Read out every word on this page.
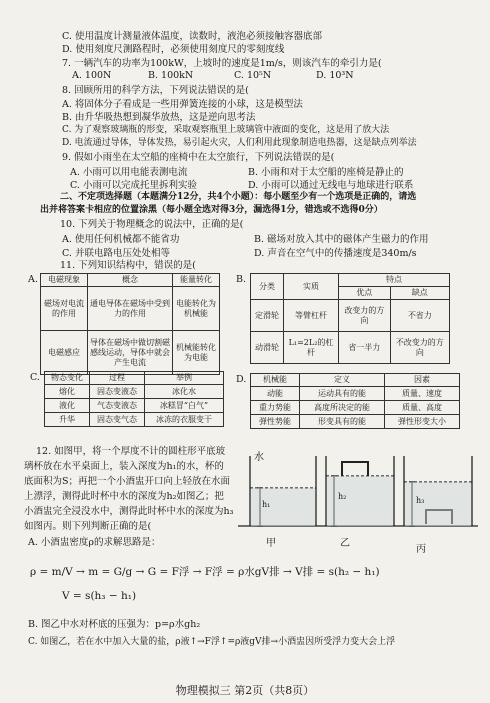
C. 使用温度计测量液体温度，读数时，液泡必须接触容器底部
D. 使用刻度尺测路程时，必须使用刻度尺的零刻度线
7. 一辆汽车的功率为100kW，上坡时的速度是1m/s，则该汽车的牵引力是(
A. 100N	B. 100kN	C. 10⁵N	D. 10³N
8. 回顾所用的科学方法，下列说法错误的是(
A. 将固体分子看成是一些用弹簧连接的小球，这是模型法
B. 由升华吸热想到凝华放热，这是逆向思考法
C. 为了观察玻璃瓶的形变，采取观察瓶里上玻璃管中液面的变化，这是用了放大法
D. 电流通过导体，导体发热，易引起火灾，人们利用此现象制造电热器，这是缺点列举法
9. 假如小雨坐在太空船的座椅中在太空旅行，下列说法错误的是(
A. 小雨可以用电能表测电流	B. 小雨和对于太空船的座椅是静止的
C. 小雨可以完成托里拆利实验	D. 小雨可以通过无线电与地球进行联系
二、不定项选择题（本题满分12分，共4个小题）：每小题至少有一个选项是正确的，请选
出并将答案卡相应的位置涂黑（每小题全选对得3分，漏选得1分，错选或不选得0分）
10. 下列关于物理概念的说法中，正确的是(
A. 使用任何机械都不能省功	B. 磁场对放入其中的磁体产生磁力的作用
C. 并联电路电压处处相等	D. 声音在空气中的传播速度是340m/s
11. 下列知识结构中，错误的是(
A. 电磁现象	概念	能量转化
磁场对电流的作用	通电导体在磁场中受到力的作用	电能转化为机械能
电磁感应	导体在磁场中做切割磁感线运动，导体中就会产生电流	机械能转化为电能
B.
分类	实质	特点	
		优点	缺点
定滑轮	等臂杠杆	改变力的方向	不省力
动滑轮	L₁=2L₂的杠杆	省一半力	不改变力的方向
C. 物态变化	过程	举例
熔化	固态变液态	冰化水
液化	气态变液态	冰糕冒“白气”
升华	固态变气态	冰冻的衣服变干
D. 机械能	定义	因素
动能	运动具有的能	质量、速度
重力势能	高度所决定的能	质量、高度
弹性势能	形变具有的能	弹性形变大小
12. 如图甲，将一个厚度不计的圆柱形平底玻
璃杯放在水平桌面上，装入深度为h₁的水，杯的
底面积为S；再把一个小酒盅开口向上轻放在水面
上漂浮，测得此时杯中水的深度为h₂如图乙；把
小酒盅完全浸没水中，测得此时杯中水的深度为h₃
如图丙。则下列判断正确的是(
A. 小酒盅密度ρ的求解思路是：
水
h₁
h₂	h₃
甲	乙
丙
ρ = m/V → m = G/g → G = F浮 → F浮 = ρ水gV排 → V排 = s(h₂ − h₁)
V = s(h₃ − h₁)
B. 图乙中水对杯底的压强为：p=ρ水gh₂
C. 如图乙，若在水中加入大量的盐，ρ液↑→F浮↑=ρ液gV排→小酒盅因所受浮力变大会上浮
物理模拟三 第2页（共8页）
